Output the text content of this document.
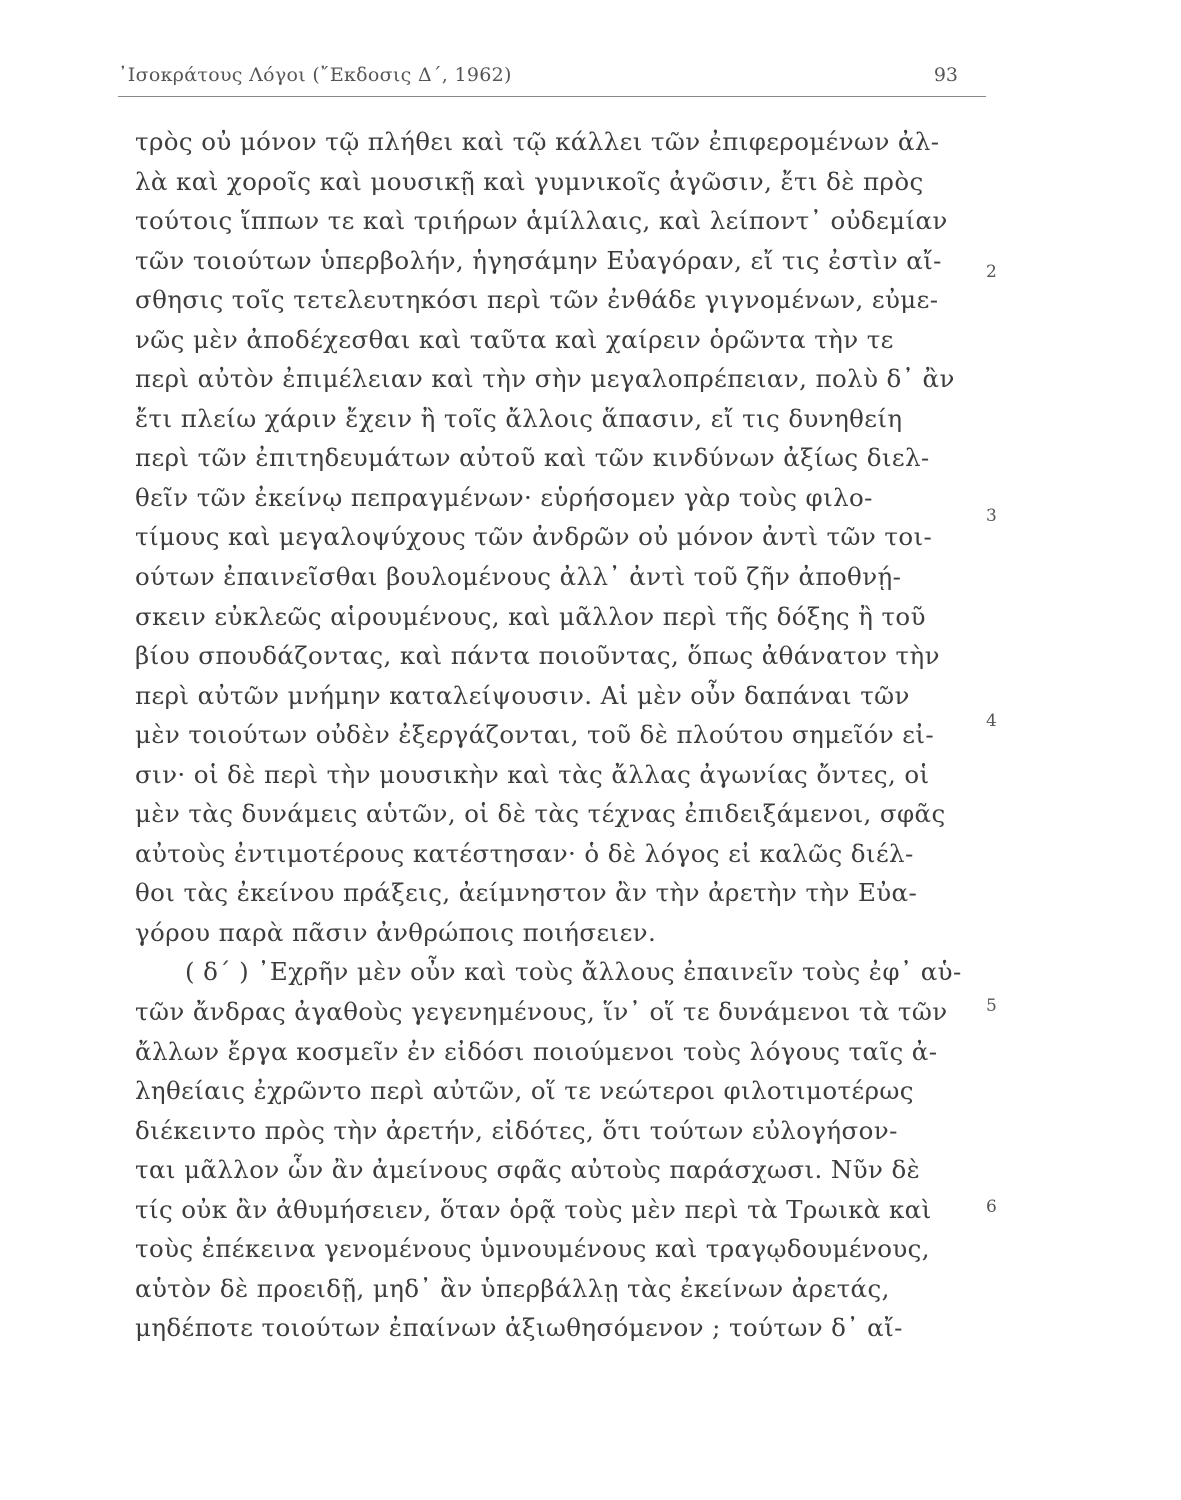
᾽Ισοκράτους Λόγοι (῎Εκδοσις Δ΄, 1962)	93
τρὸς οὐ μόνον τῷ πλήθει καὶ τῷ κάλλει τῶν ἐπιφερομένων ἀλ-
λὰ καὶ χοροῖς καὶ μουσικῇ καὶ γυμνικοῖς ἀγῶσιν, ἔτι δὲ πρὸς
τούτοις ἵππων τε καὶ τριήρων ἁμίλλαις, καὶ λείποντ᾽ οὐδεμίαν
τῶν τοιούτων ὑπερβολήν, ἡγησάμην Εὐαγόραν, εἴ τις ἐστὶν αἴ-
σθησις τοῖς τετελευτηκόσι περὶ τῶν ἐνθάδε γιγνομένων, εὐμε-
νῶς μὲν ἀποδέχεσθαι καὶ ταῦτα καὶ χαίρειν ὁρῶντα τὴν τε
περὶ αὐτὸν ἐπιμέλειαν καὶ τὴν σὴν μεγαλοπρέπειαν, πολὺ δ᾽ ἂν
ἔτι πλείω χάριν ἔχειν ἢ τοῖς ἄλλοις ἅπασιν, εἴ τις δυνηθείη
περὶ τῶν ἐπιτηδευμάτων αὐτοῦ καὶ τῶν κινδύνων ἀξίως διελ-
θεῖν τῶν ἐκείνῳ πεπραγμένων· εὑρήσομεν γὰρ τοὺς φιλο-
τίμους καὶ μεγαλοψύχους τῶν ἀνδρῶν οὐ μόνον ἀντὶ τῶν τοι-
ούτων ἐπαινεῖσθαι βουλομένους ἀλλ᾽ ἀντὶ τοῦ ζῆν ἀποθνῄ-
σκειν εὐκλεῶς αἱρουμένους, καὶ μᾶλλον περὶ τῆς δόξης ἢ τοῦ
βίου σπουδάζοντας, καὶ πάντα ποιοῦντας, ὅπως ἀθάνατον τὴν
περὶ αὐτῶν μνήμην καταλείψουσιν. Αἱ μὲν οὖν δαπάναι τῶν
μὲν τοιούτων οὐδὲν ἐξεργάζονται, τοῦ δὲ πλούτου σημεῖόν εἰ-
σιν· οἱ δὲ περὶ τὴν μουσικὴν καὶ τὰς ἄλλας ἀγωνίας ὄντες, οἱ
μὲν τὰς δυνάμεις αὑτῶν, οἱ δὲ τὰς τέχνας ἐπιδειξάμενοι, σφᾶς
αὐτοὺς ἐντιμοτέρους κατέστησαν· ὁ δὲ λόγος εἰ καλῶς διέλ-
θοι τὰς ἐκείνου πράξεις, ἀείμνηστον ἂν τὴν ἀρετὴν τὴν Εὐα-
γόρου παρὰ πᾶσιν ἀνθρώποις ποιήσειεν.
( δ΄ ) ᾽Εχρῆν μὲν οὖν καὶ τοὺς ἄλλους ἐπαινεῖν τοὺς ἐφ᾽ αὑ-
τῶν ἄνδρας ἀγαθοὺς γεγενημένους, ἵν᾽ οἵ τε δυνάμενοι τὰ τῶν
ἄλλων ἔργα κοσμεῖν ἐν εἰδόσι ποιούμενοι τοὺς λόγους ταῖς ἀ-
ληθείαις ἐχρῶντο περὶ αὐτῶν, οἵ τε νεώτεροι φιλοτιμοτέρως
διέκειντο πρὸς τὴν ἀρετήν, εἰδότες, ὅτι τούτων εὐλογήσον-
ται μᾶλλον ὧν ἂν ἀμείνους σφᾶς αὐτοὺς παράσχωσι. Νῦν δὲ
τίς οὐκ ἂν ἀθυμήσειεν, ὅταν ὁρᾷ τοὺς μὲν περὶ τὰ Τρωικὰ καὶ
τοὺς ἐπέκεινα γενομένους ὑμνουμένους καὶ τραγῳδουμένους,
αὑτὸν δὲ προειδῇ, μηδ᾽ ἂν ὑπερβάλλῃ τὰς ἐκείνων ἀρετάς,
μηδέποτε τοιούτων ἐπαίνων ἀξιωθησόμενον ; τούτων δ᾽ αἴ-
2
3
4
5
6
